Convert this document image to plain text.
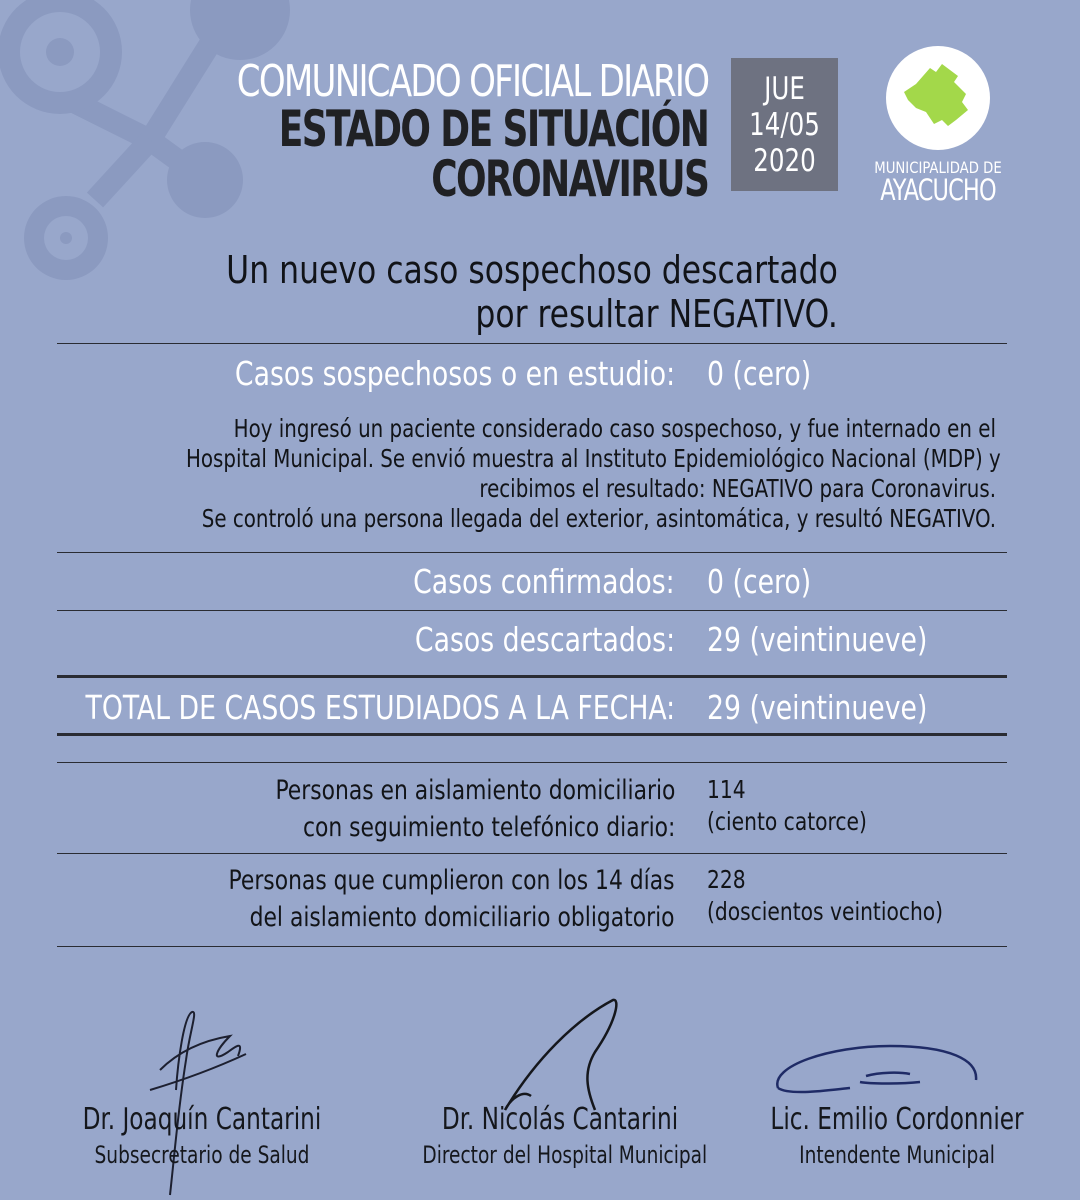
COMUNICADO OFICIAL DIARIO
ESTADO DE SITUACIÓN
CORONAVIRUS
JUE
14/05
2020	MUNICIPALIDAD DE
AYACUCHO
Un nuevo caso sospechoso descartado
por resultar NEGATIVO.
Casos sospechosos o en estudio: 0 (cero)
Hoy ingresó un paciente considerado caso sospechoso, y fue internado en el
Hospital Municipal. Se envió muestra al Instituto Epidemiológico Nacional (MDP) y
recibimos el resultado: NEGATIVO para Coronavirus.
Se controló una persona llegada del exterior, asintomática, y resultó NEGATIVO.
Casos confirmados: 0 (cero)
Casos descartados: 29 (veintinueve)
TOTAL DE CASOS ESTUDIADOS A LA FECHA: 29 (veintinueve)
Personas en aislamiento domiciliario
con seguimiento telefónico diario:
114
(ciento catorce)
Personas que cumplieron con los 14 días
del aislamiento domiciliario obligatorio
228
(doscientos veintiocho)
Dr. Joaquín Cantarini
Subsecretario de Salud
Dr. Nicolás Cantarini
Director del Hospital Municipal
Lic. Emilio Cordonnier
Intendente Municipal
